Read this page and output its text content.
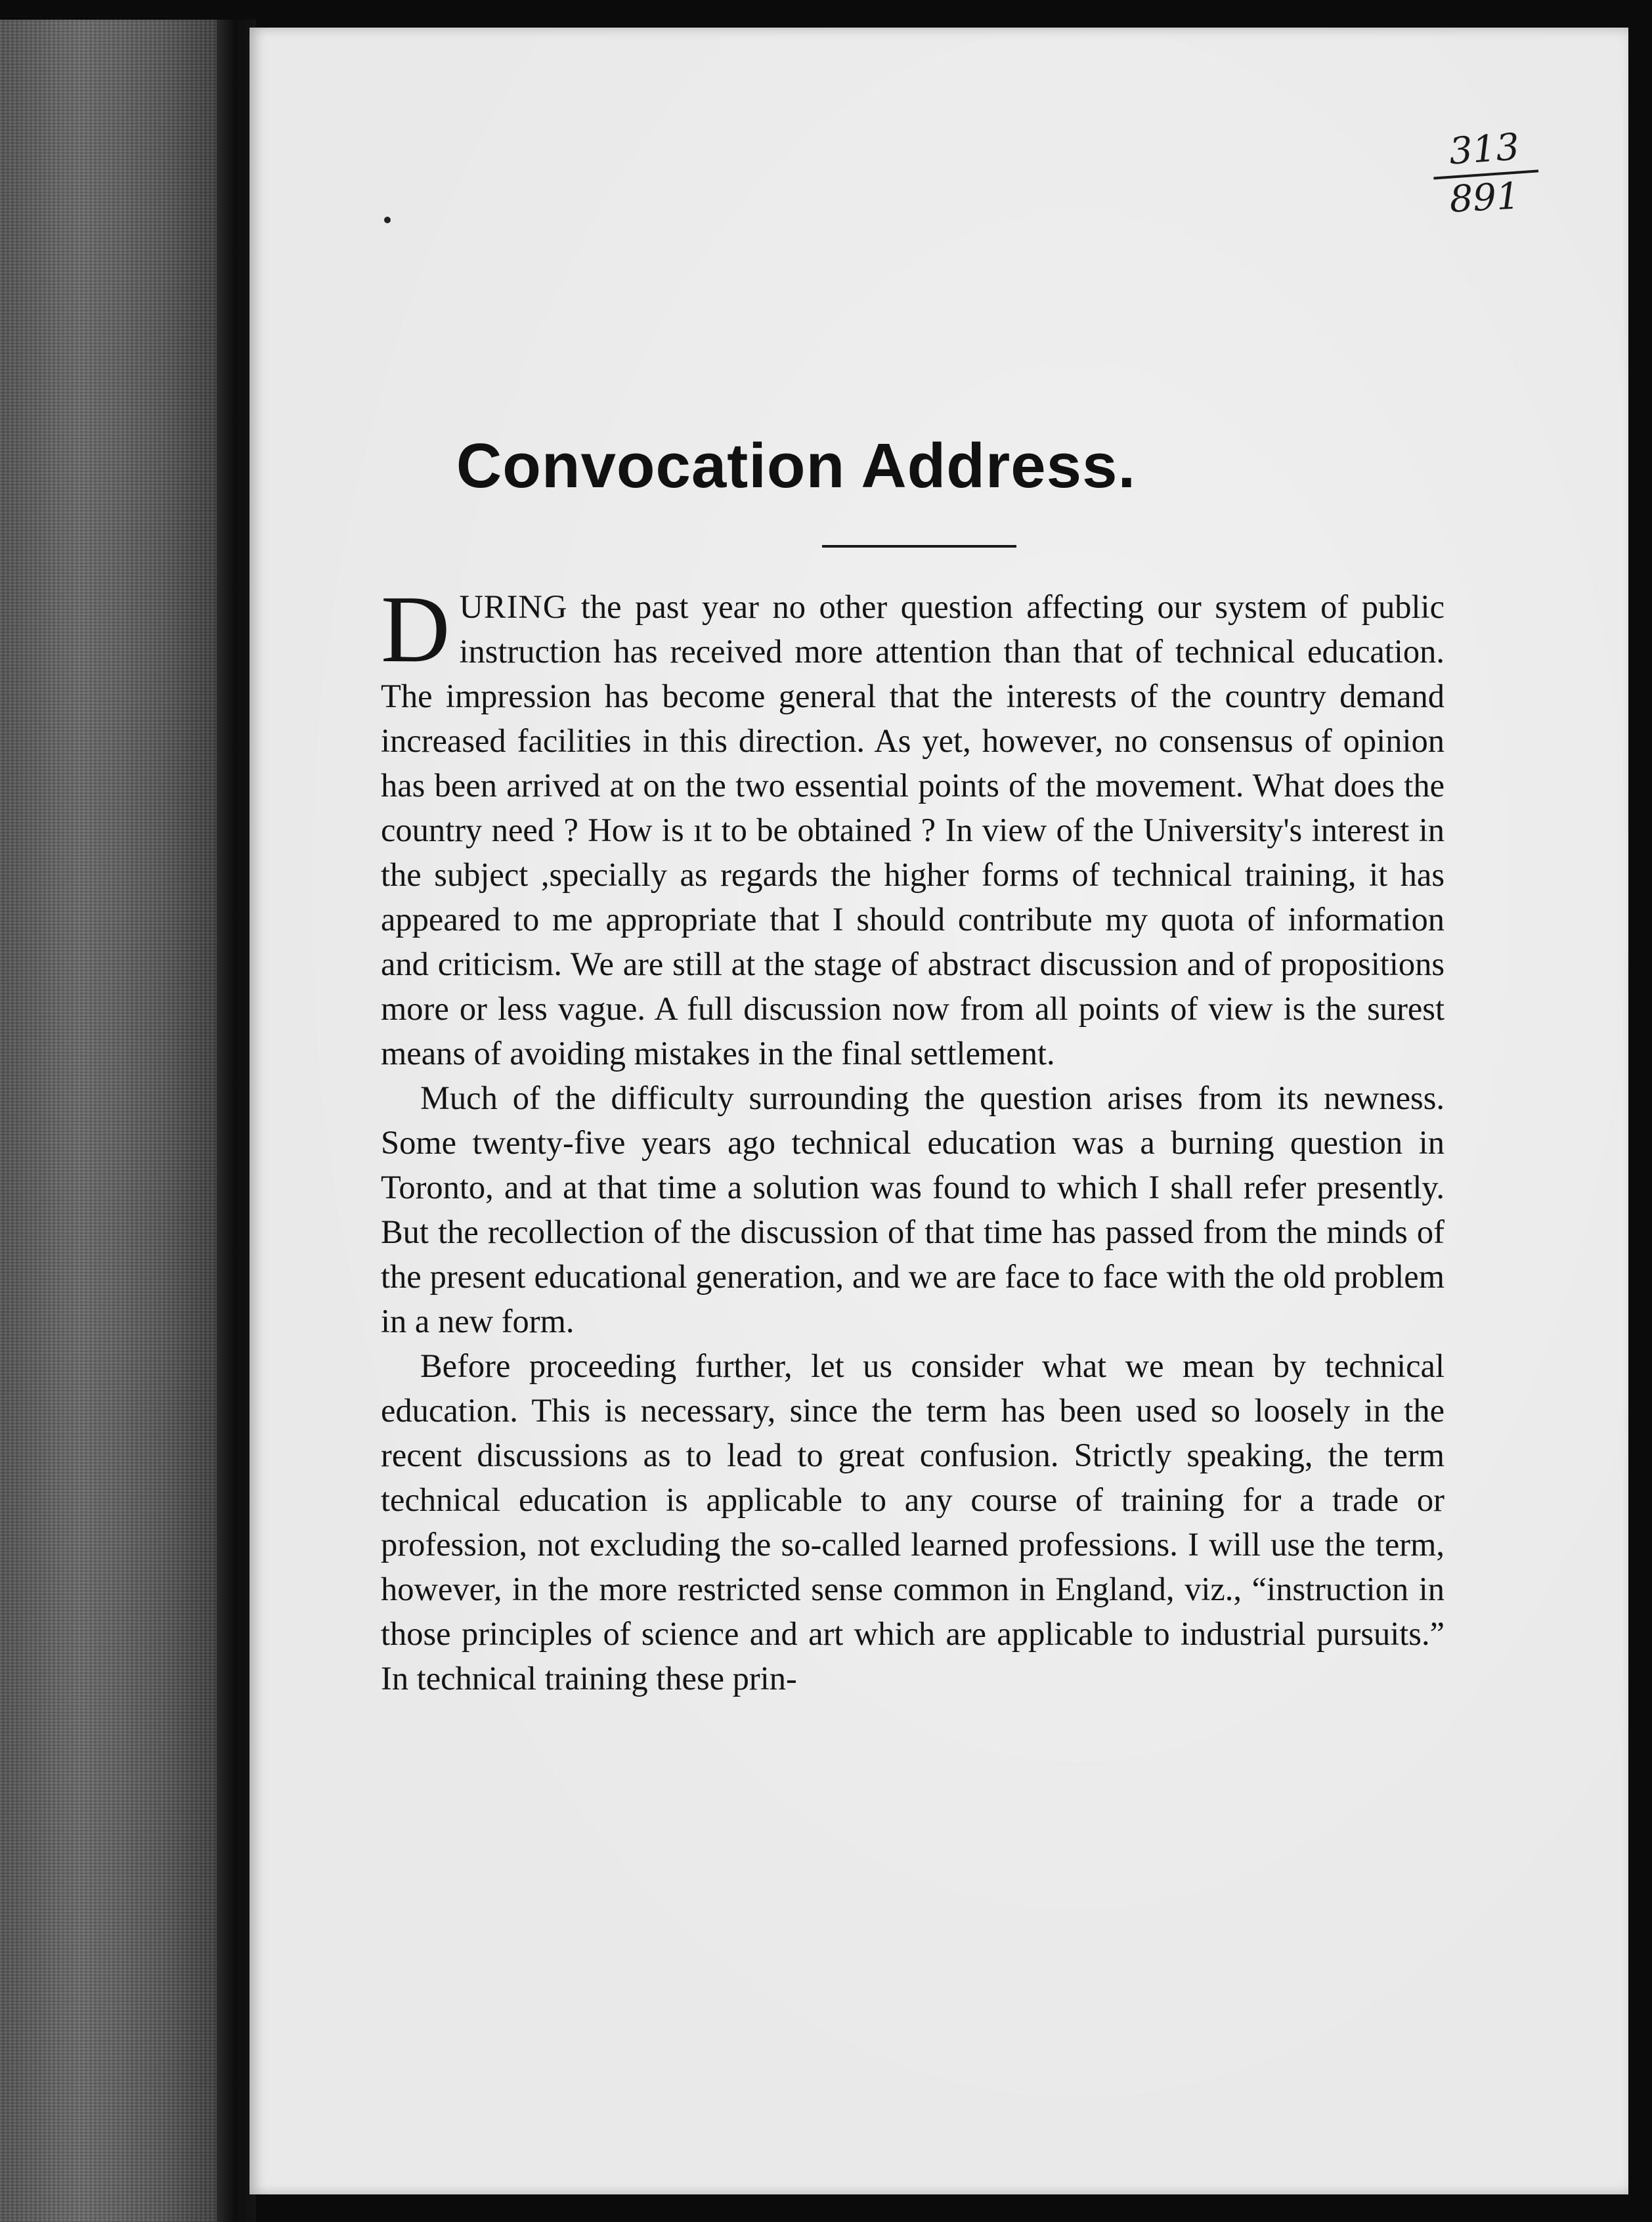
313
891
Convocation Address.

DURING the past year no other question affecting our system of public instruction has received more attention than that of technical education. The impression has become general that the interests of the country demand increased facilities in this direction. As yet, however, no consensus of opinion has been arrived at on the two essential points of the movement. What does the country need ? How is ıt to be obtained ? In view of the University's interest in the subject ,specially as regards the higher forms of technical training, it has appeared to me appropriate that I should contribute my quota of information and criticism. We are still at the stage of abstract discussion and of propositions more or less vague. A full discussion now from all points of view is the surest means of avoiding mistakes in the final settlement.

Much of the difficulty surrounding the question arises from its newness. Some twenty-five years ago technical education was a burning question in Toronto, and at that time a solution was found to which I shall refer presently. But the recollection of the discussion of that time has passed from the minds of the present educational generation, and we are face to face with the old problem in a new form.

Before proceeding further, let us consider what we mean by technical education. This is necessary, since the term has been used so loosely in the recent discussions as to lead to great confusion. Strictly speaking, the term technical education is applicable to any course of training for a trade or profession, not excluding the so-called learned professions. I will use the term, however, in the more restricted sense common in England, viz., “instruction in those principles of science and art which are applicable to industrial pursuits.” In technical training these prin-
